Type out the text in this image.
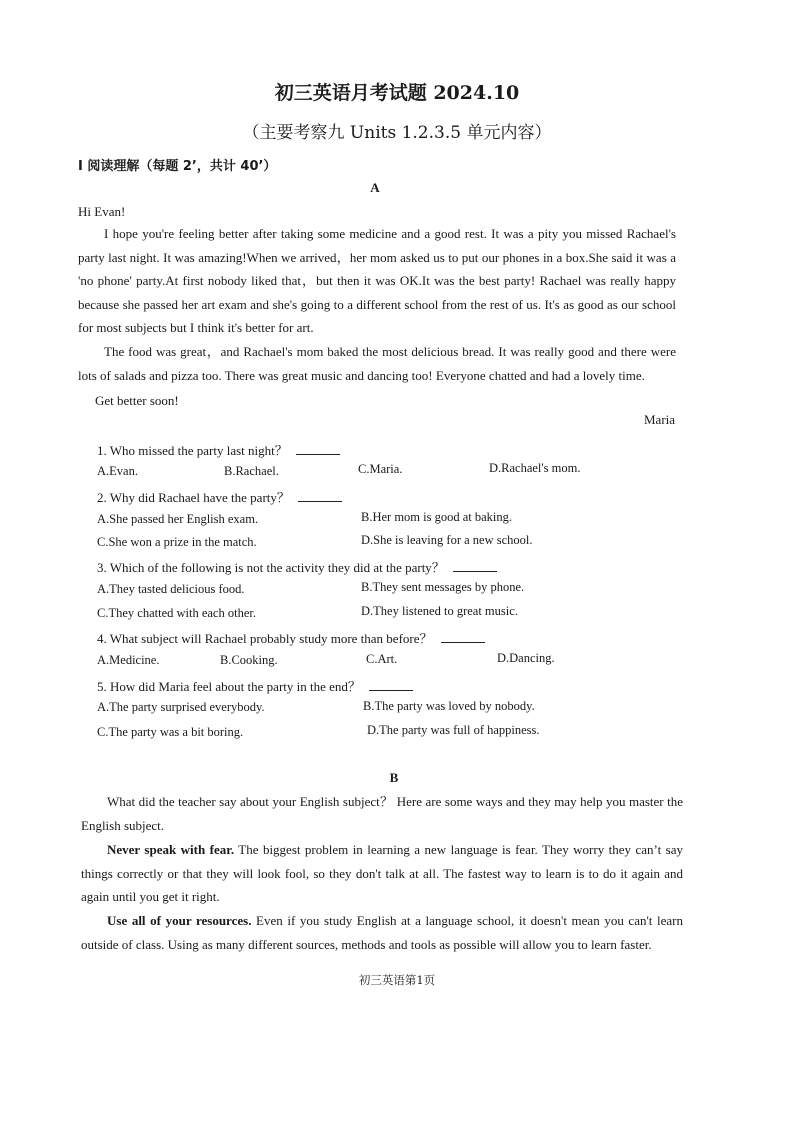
初三英语月考试题 2024.10
（主要考察九 Units 1.2.3.5 单元内容）
I 阅读理解（每题 2’，共计 40’）
A
Hi Evan!
I hope you're feeling better after taking some medicine and a good rest. It was a pity you missed Rachael's party last night. It was amazing!When we arrived，her mom asked us to put our phones in a box.She said it was a 'no phone' party.At first nobody liked that，but then it was OK.It was the best party! Rachael was really happy because she passed her art exam and she's going to a different school from the rest of us. It's as good as our school for most subjects but I think it's better for art.
The food was great，and Rachael's mom baked the most delicious bread. It was really good and there were lots of salads and pizza too. There was great music and dancing too! Everyone chatted and had a lovely time.
Get better soon!
Maria
1. Who missed the party last night？
A.Evan.	B.Rachael.	C.Maria.	D.Rachael's mom.
2. Why did Rachael have the party？
A.She passed her English exam.	B.Her mom is good at baking.
C.She won a prize in the match.	D.She is leaving for a new school.
3. Which of the following is not the activity they did at the party？
A.They tasted delicious food.	B.They sent messages by phone.
C.They chatted with each other.	D.They listened to great music.
4. What subject will Rachael probably study more than before？
A.Medicine.	B.Cooking.	C.Art.	D.Dancing.
5. How did Maria feel about the party in the end？
A.The party surprised everybody.	B.The party was loved by nobody.
C.The party was a bit boring.	D.The party was full of happiness.
B
What did the teacher say about your English subject？ Here are some ways and they may help you master the English subject.
Never speak with fear. The biggest problem in learning a new language is fear. They worry they can’t say things correctly or that they will look fool, so they don't talk at all. The fastest way to learn is to do it again and again until you get it right.
Use all of your resources. Even if you study English at a language school, it doesn't mean you can't learn outside of class. Using as many different sources, methods and tools as possible will allow you to learn faster.
初三英语第1页
